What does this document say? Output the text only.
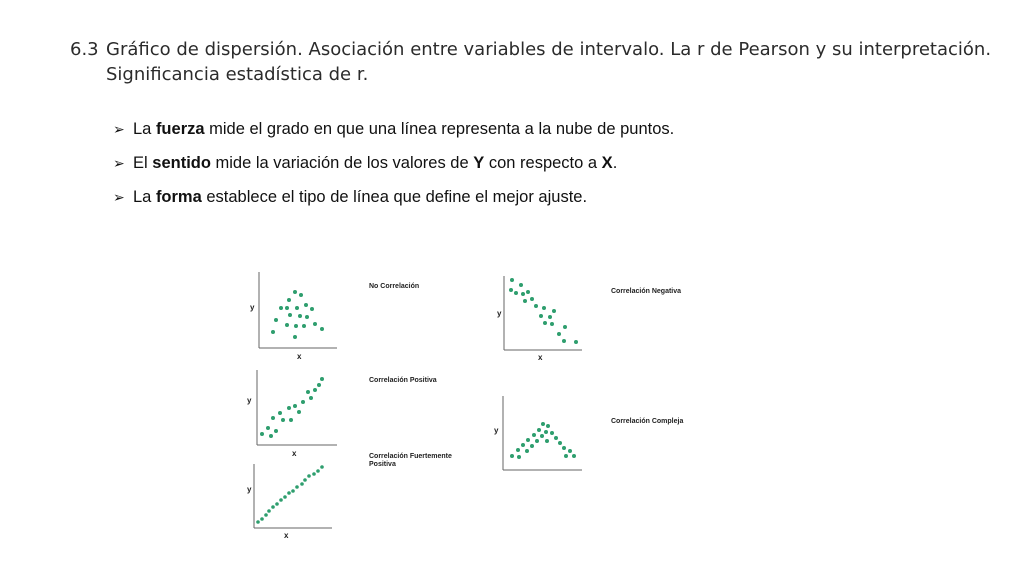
6.3 Gráfico de dispersión. Asociación entre variables de intervalo. La r de Pearson y su interpretación.
Significancia estadística de r.
➢ La fuerza mide el grado en que una línea representa a la nube de puntos.
➢ El sentido mide la variación de los valores de Y con respecto a X.
➢ La forma establece el tipo de línea que define el mejor ajuste.
y
x
No Correlación
y
x
Correlación Positiva
y
x
Correlación Fuertemente
Positiva
y
x
Correlación Negativa
y
Correlación Compleja
